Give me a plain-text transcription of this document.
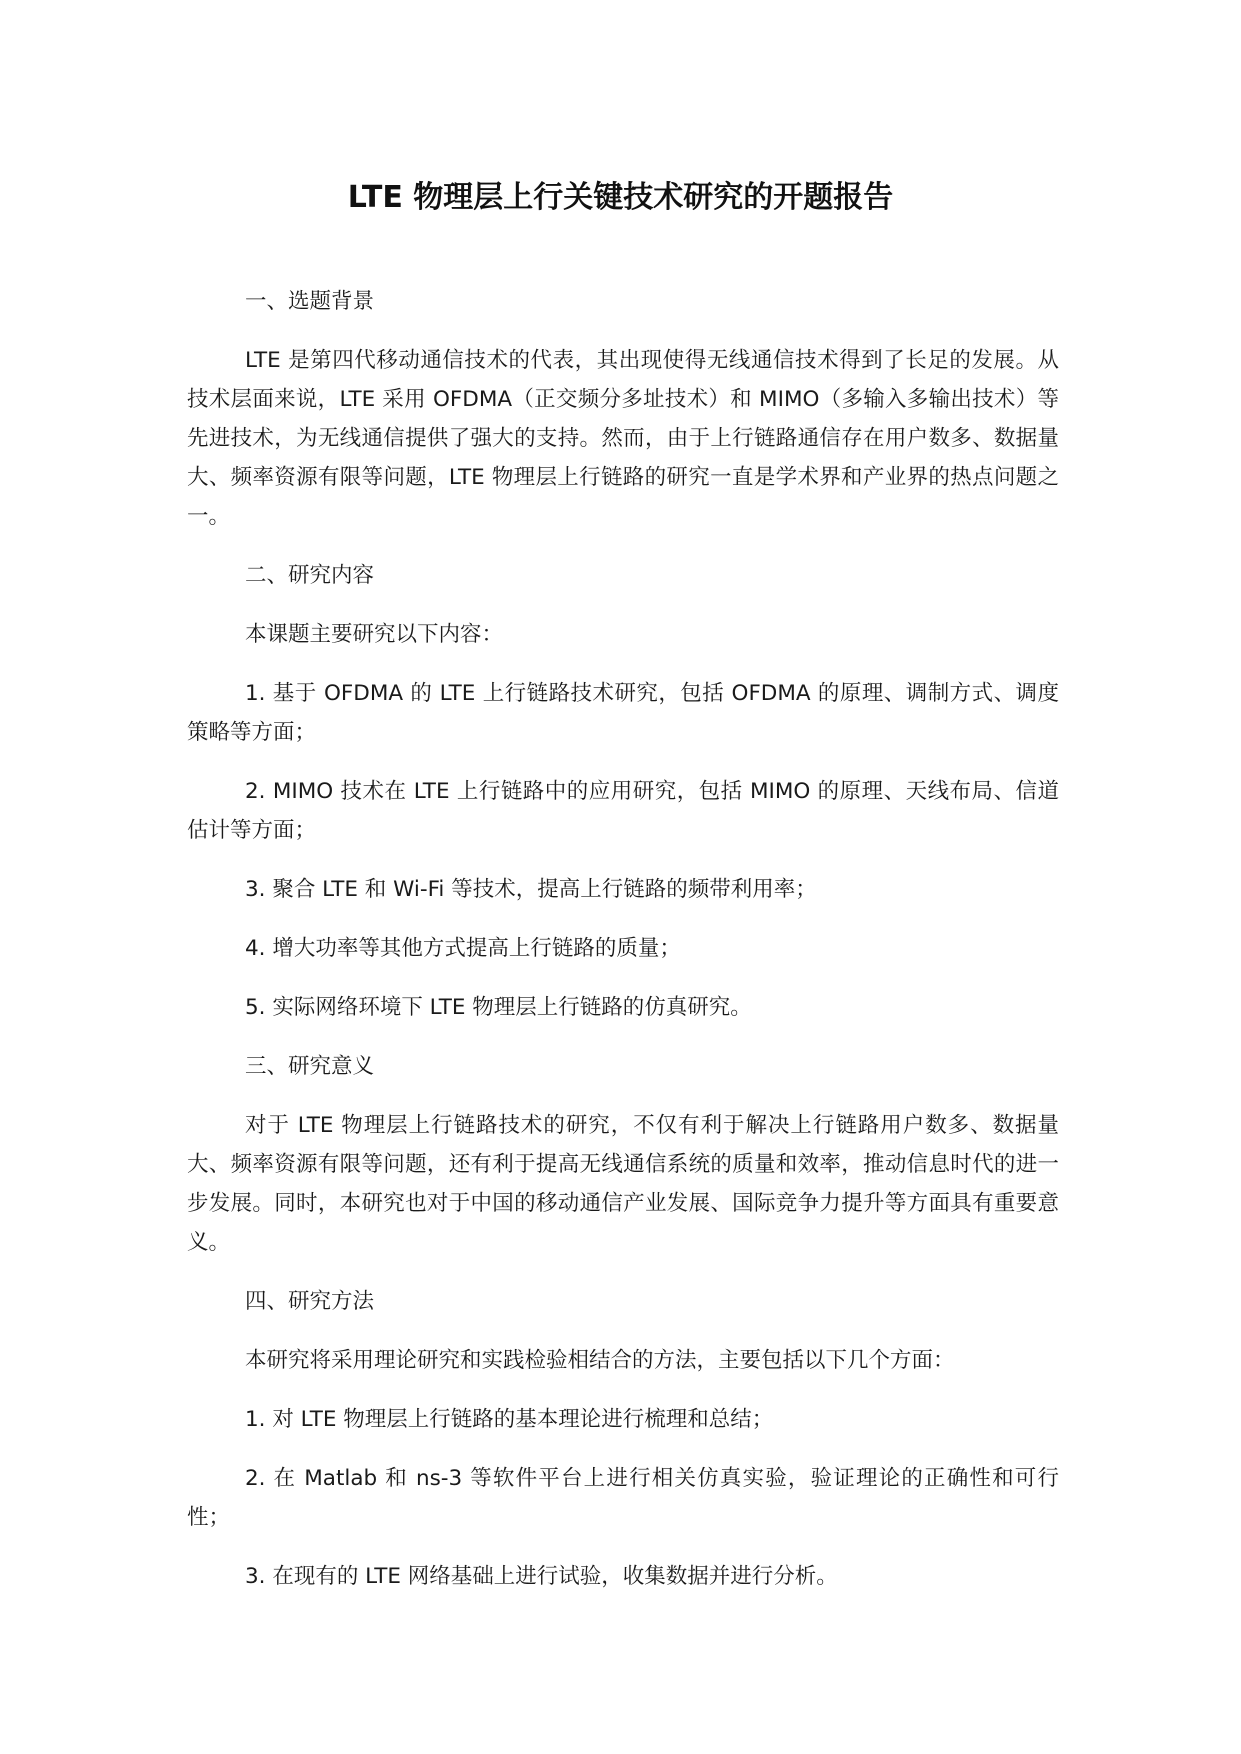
LTE 物理层上行关键技术研究的开题报告

一、选题背景

LTE 是第四代移动通信技术的代表，其出现使得无线通信技术得到了长足的发展。从技术层面来说，LTE 采用 OFDMA（正交频分多址技术）和 MIMO（多输入多输出技术）等先进技术，为无线通信提供了强大的支持。然而，由于上行链路通信存在用户数多、数据量大、频率资源有限等问题，LTE 物理层上行链路的研究一直是学术界和产业界的热点问题之一。

二、研究内容

本课题主要研究以下内容：

1. 基于 OFDMA 的 LTE 上行链路技术研究，包括 OFDMA 的原理、调制方式、调度策略等方面；

2. MIMO 技术在 LTE 上行链路中的应用研究，包括 MIMO 的原理、天线布局、信道估计等方面；

3. 聚合 LTE 和 Wi-Fi 等技术，提高上行链路的频带利用率；

4. 增大功率等其他方式提高上行链路的质量；

5. 实际网络环境下 LTE 物理层上行链路的仿真研究。

三、研究意义

对于 LTE 物理层上行链路技术的研究，不仅有利于解决上行链路用户数多、数据量大、频率资源有限等问题，还有利于提高无线通信系统的质量和效率，推动信息时代的进一步发展。同时，本研究也对于中国的移动通信产业发展、国际竞争力提升等方面具有重要意义。

四、研究方法

本研究将采用理论研究和实践检验相结合的方法，主要包括以下几个方面：

1. 对 LTE 物理层上行链路的基本理论进行梳理和总结；

2. 在 Matlab 和 ns-3 等软件平台上进行相关仿真实验，验证理论的正确性和可行性；

3. 在现有的 LTE 网络基础上进行试验，收集数据并进行分析。
